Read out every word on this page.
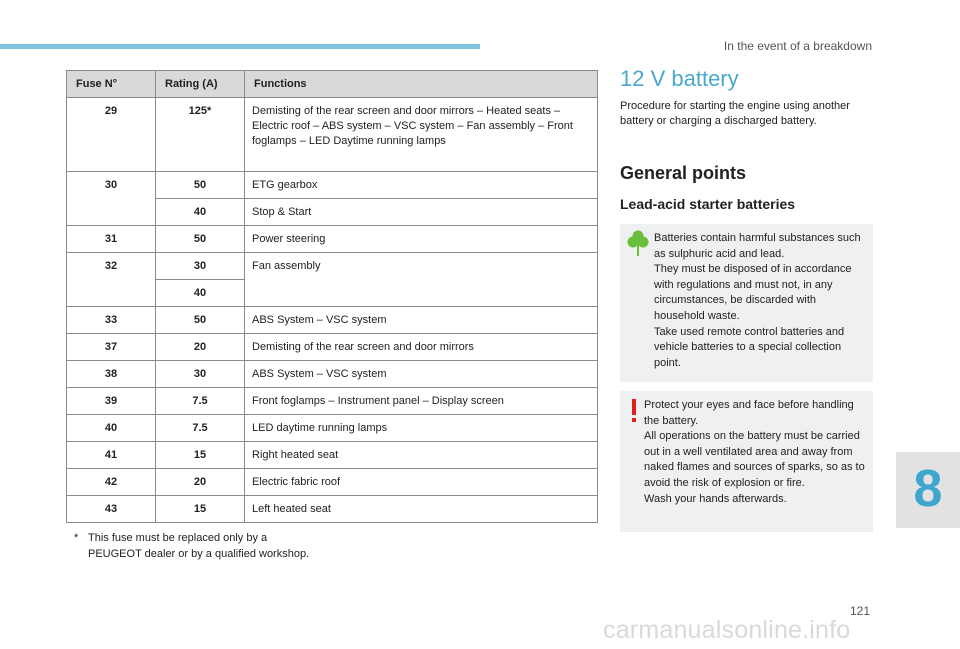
In the event of a breakdown
Fuse N°	Rating (A)	Functions
29	125*	Demisting of the rear screen and door mirrors – Heated seats – Electric roof – ABS system – VSC system – Fan assembly – Front foglamps – LED Daytime running lamps
30	50	ETG gearbox
	40	Stop & Start
31	50	Power steering
32	30	Fan assembly
	40	
33	50	ABS System – VSC system
37	20	Demisting of the rear screen and door mirrors
38	30	ABS System – VSC system
39	7.5	Front foglamps – Instrument panel – Display screen
40	7.5	LED daytime running lamps
41	15	Right heated seat
42	20	Electric fabric roof
43	15	Left heated seat
* This fuse must be replaced only by a PEUGEOT dealer or by a qualified workshop.
12 V battery

Procedure for starting the engine using another battery or charging a discharged battery.

General points
Lead-acid starter batteries

Batteries contain harmful substances such as sulphuric acid and lead.

They must be disposed of in accordance with regulations and must not, in any circumstances, be discarded with household waste.

Take used remote control batteries and vehicle batteries to a special collection point.

Protect your eyes and face before handling the battery.

All operations on the battery must be carried out in a well ventilated area and away from naked flames and sources of sparks, so as to avoid the risk of explosion or fire.

Wash your hands afterwards.	8
121
carmanualsonline.info
